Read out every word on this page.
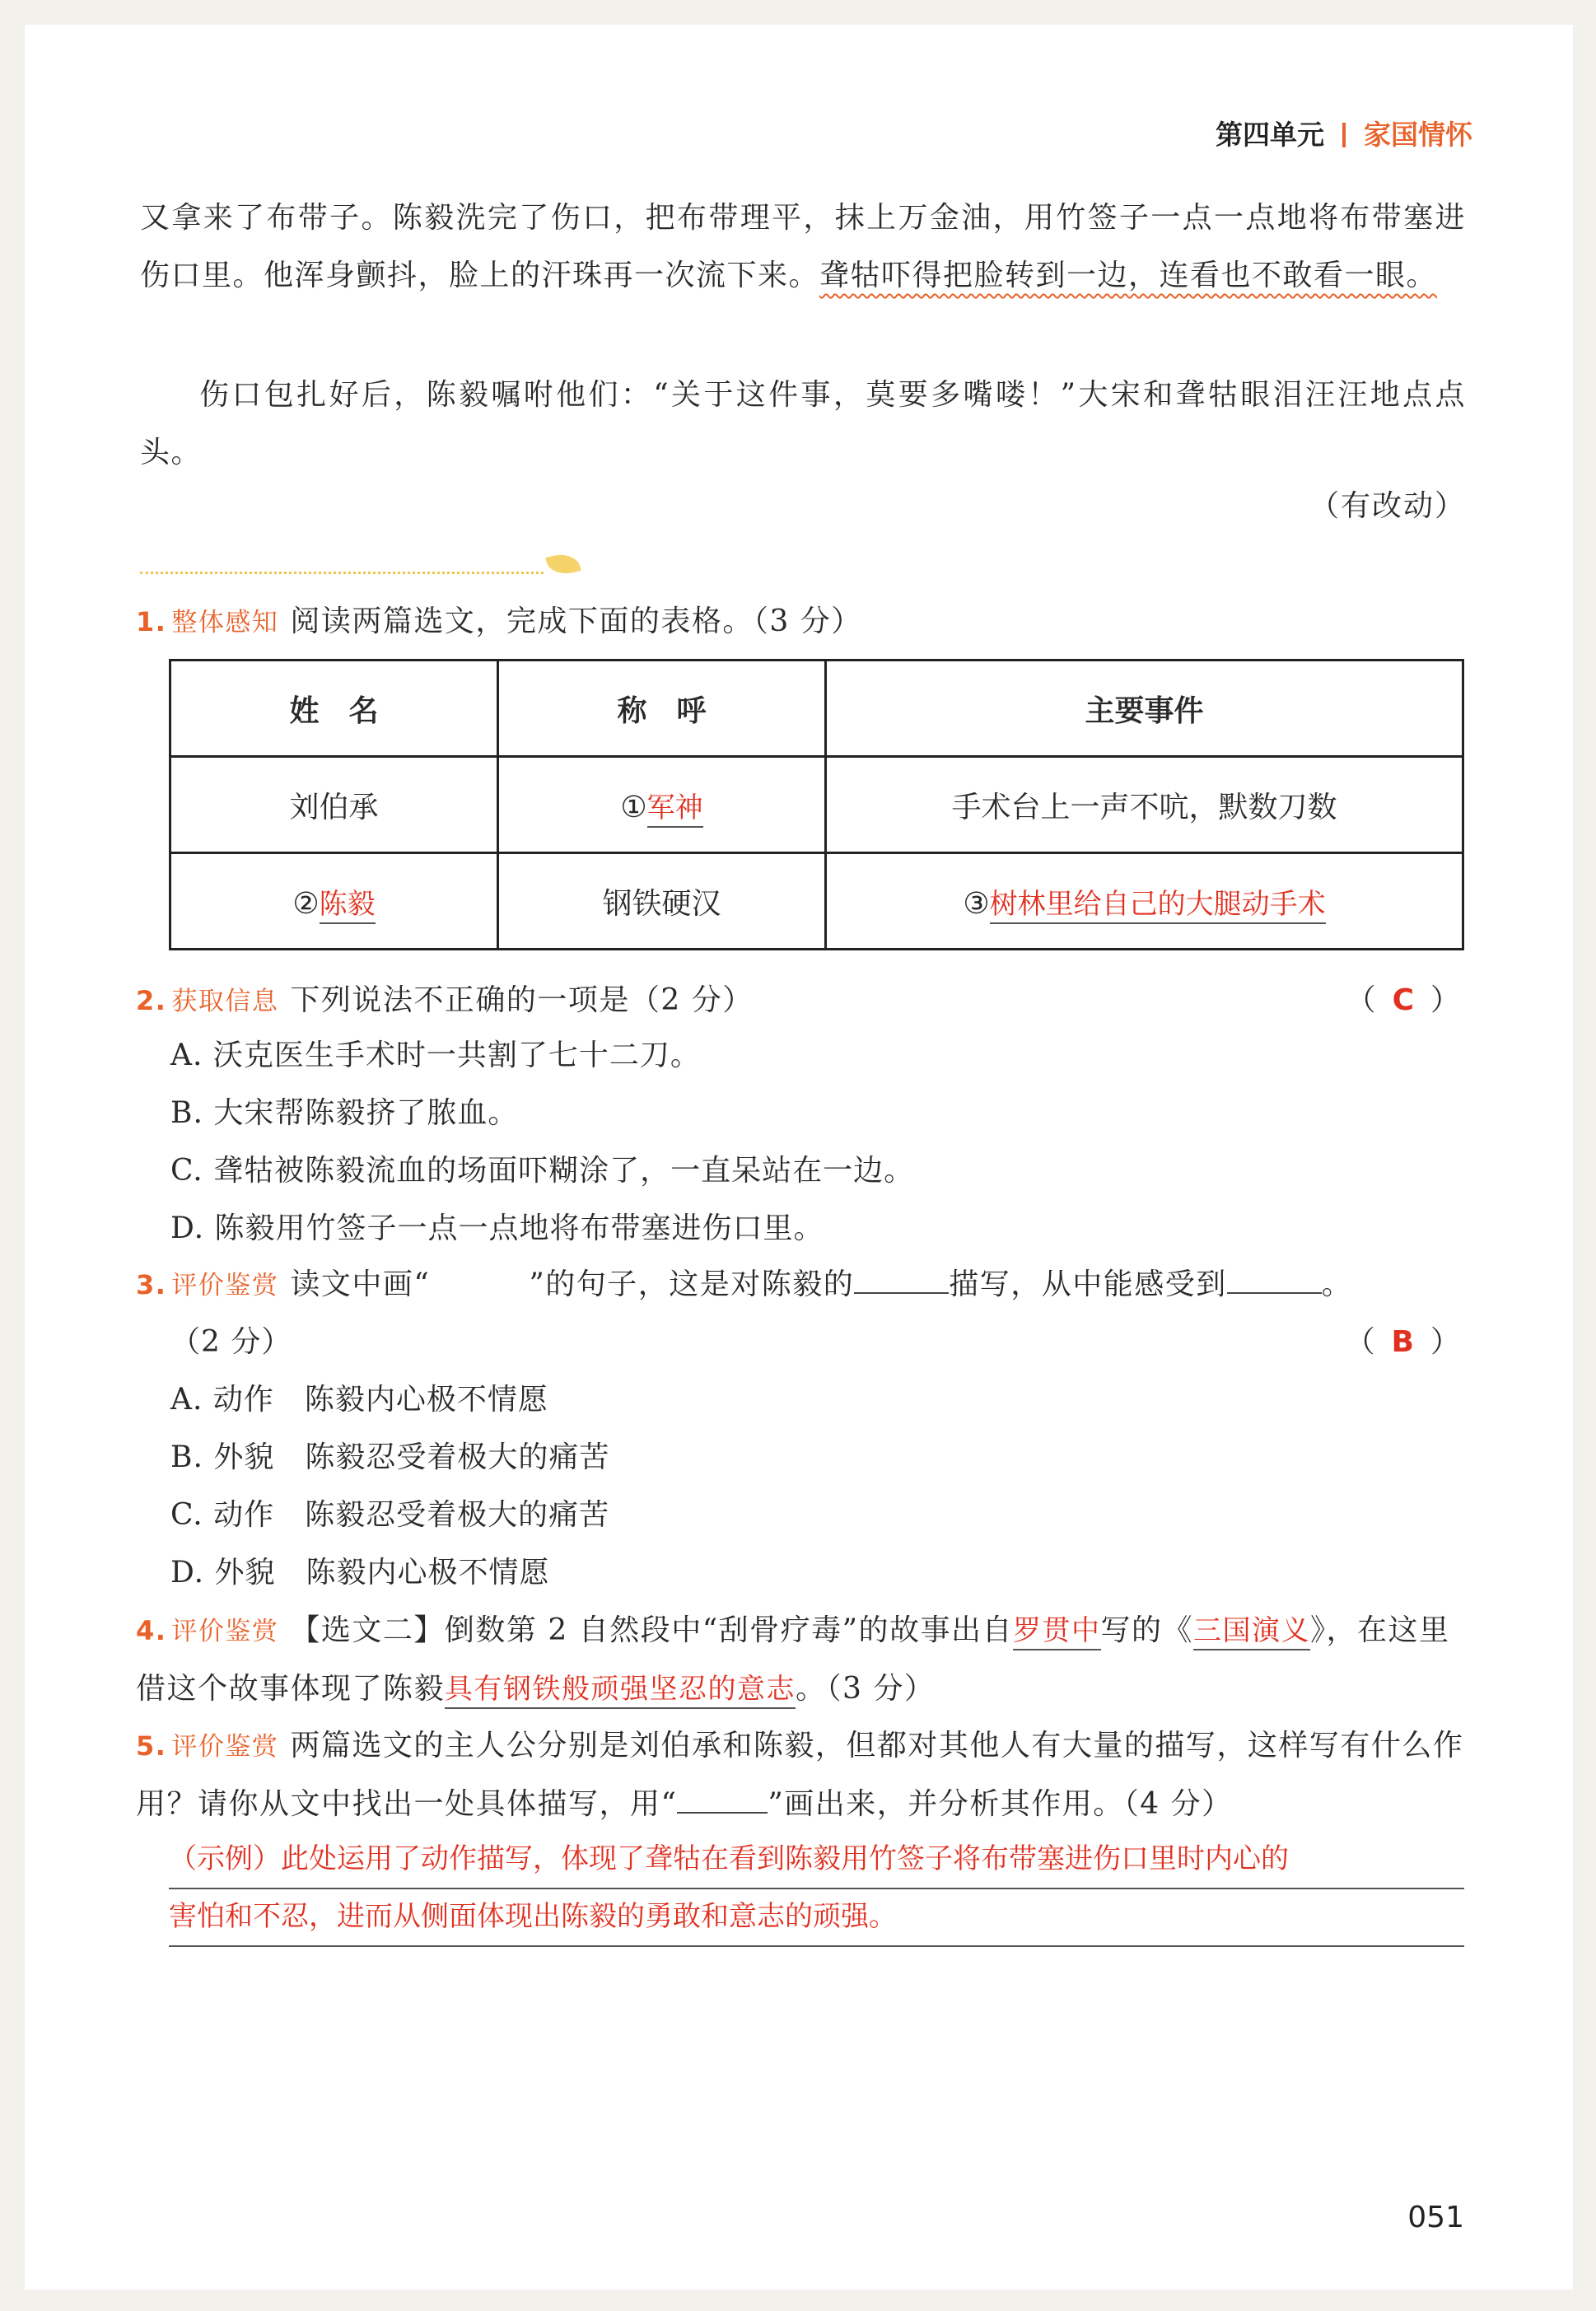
第四单元 家国情怀
又拿来了布带子。陈毅洗完了伤口，把布带理平，抹上万金油，用竹签子一点一点地将布带塞进伤口里。他浑身颤抖，脸上的汗珠再一次流下来。聋牯吓得把脸转到一边，连看也不敢看一眼。
伤口包扎好后，陈毅嘱咐他们：“关于这件事，莫要多嘴喽！”大宋和聋牯眼泪汪汪地点点头。
（有改动）
1. 整体感知 阅读两篇选文，完成下面的表格。（3 分）
姓　名	称　呼	主要事件
刘伯承	①军神	手术台上一声不吭，默数刀数
②陈毅	钢铁硬汉	③树林里给自己的大腿动手术
2. 获取信息 下列说法不正确的一项是（2 分）	（ C ）
A. 沃克医生手术时一共割了七十二刀。
B. 大宋帮陈毅挤了脓血。
C. 聋牯被陈毅流血的场面吓糊涂了，一直呆站在一边。
D. 陈毅用竹签子一点一点地将布带塞进伤口里。
3. 评价鉴赏 读文中画“	”的句子，这是对陈毅的	描写，从中能感受到	。
（2 分）	（ B ）
A. 动作　陈毅内心极不情愿
B. 外貌　陈毅忍受着极大的痛苦
C. 动作　陈毅忍受着极大的痛苦
D. 外貌　陈毅内心极不情愿
4. 评价鉴赏 【选文二】倒数第 2 自然段中“刮骨疗毒”的故事出自罗贯中写的《三国演义》，在这里借这个故事体现了陈毅具有钢铁般顽强坚忍的意志。（3 分）
5. 评价鉴赏 两篇选文的主人公分别是刘伯承和陈毅，但都对其他人有大量的描写，这样写有什么作用？请你从文中找出一处具体描写，用“	”画出来，并分析其作用。（4 分）
（示例）此处运用了动作描写，体现了聋牯在看到陈毅用竹签子将布带塞进伤口里时内心的
害怕和不忍，进而从侧面体现出陈毅的勇敢和意志的顽强。
051
